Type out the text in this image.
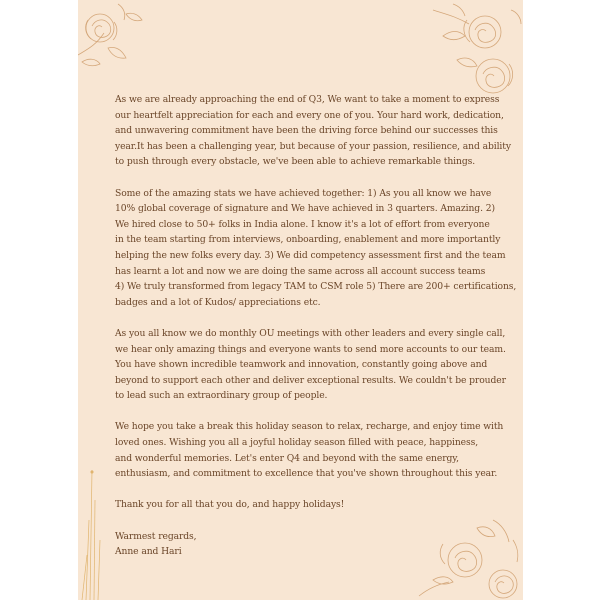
As we are already approaching the end of Q3, We want to take a moment to express
our heartfelt appreciation for each and every one of you. Your hard work, dedication,
and unwavering commitment have been the driving force behind our successes this
year.It has been a challenging year, but because of your passion, resilience, and ability
to push through every obstacle, we've been able to achieve remarkable things.
Some of the amazing stats we have achieved together: 1) As you all know we have
10% global coverage of signature and We have achieved in 3 quarters. Amazing. 2)
We hired close to 50+ folks in India alone. I know it's a lot of effort from everyone
in the team starting from interviews, onboarding, enablement and more importantly
helping the new folks every day. 3) We did competency assessment first and the team
has learnt a lot and now we are doing the same across all account success teams
4) We truly transformed from legacy TAM to CSM role 5) There are 200+ certifications,
badges and a lot of Kudos/ appreciations etc.
As you all know we do monthly OU meetings with other leaders and every single call,
we hear only amazing things and everyone wants to send more accounts to our team.
You have shown incredible teamwork and innovation, constantly going above and
beyond to support each other and deliver exceptional results. We couldn't be prouder
to lead such an extraordinary group of people.
We hope you take a break this holiday season to relax, recharge, and enjoy time with
loved ones. Wishing you all a joyful holiday season filled with peace, happiness,
and wonderful memories. Let's enter Q4 and beyond with the same energy,
enthusiasm, and commitment to excellence that you've shown throughout this year.
Thank you for all that you do, and happy holidays!
Warmest regards,
Anne and Hari
